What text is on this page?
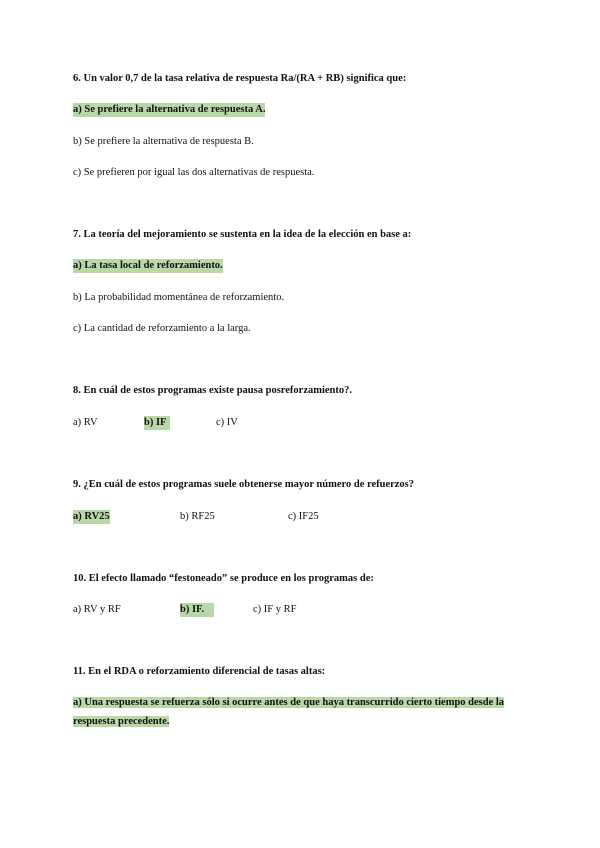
6. Un valor 0,7 de la tasa relativa de respuesta Ra/(RA + RB) significa que:
a) Se prefiere la alternativa de respuesta A.
b) Se prefiere la alternativa de respuesta B.
c) Se prefieren por igual las dos alternativas de respuesta.
7. La teoría del mejoramiento se sustenta en la idea de la elección en base a:
a) La tasa local de reforzamiento.
b) La probabilidad momentánea de reforzamiento.
c) La cantidad de reforzamiento a la larga.
8. En cuál de estos programas existe pausa posreforzamiento?.
a) RV	b) IF	c) IV
9. ¿En cuál de estos programas suele obtenerse mayor número de refuerzos?
a) RV25	b) RF25	c) IF25
10. El efecto llamado “festoneado” se produce en los programas de:
a) RV y RF	b) IF.	c) IF y RF
11. En el RDA o reforzamiento diferencial de tasas altas:
a) Una respuesta se refuerza sólo si ocurre antes de que haya transcurrido cierto tiempo desde la respuesta precedente.
